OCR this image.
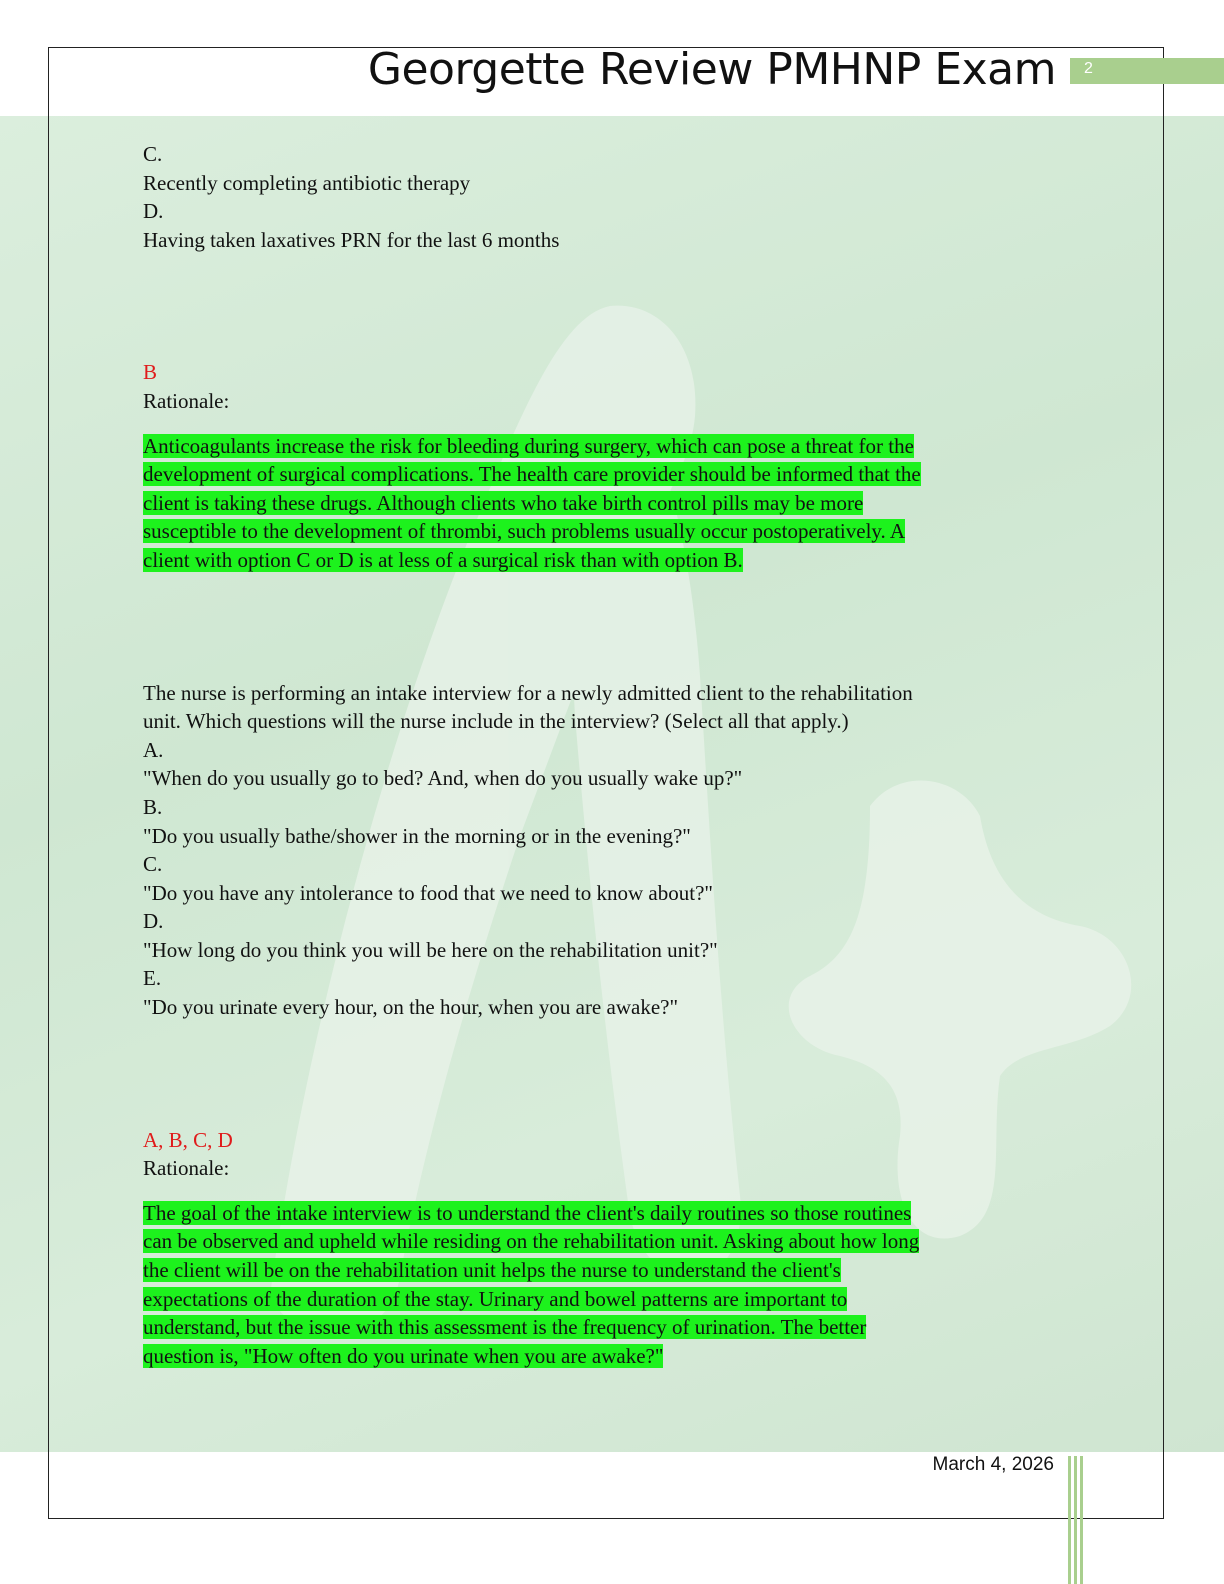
Georgette Review PMHNP Exam 2
C.
Recently completing antibiotic therapy
D.
Having taken laxatives PRN for the last 6 months
B
Rationale:
Anticoagulants increase the risk for bleeding during surgery, which can pose a threat for the
development of surgical complications. The health care provider should be informed that the
client is taking these drugs. Although clients who take birth control pills may be more
susceptible to the development of thrombi, such problems usually occur postoperatively. A
client with option C or D is at less of a surgical risk than with option B.
The nurse is performing an intake interview for a newly admitted client to the rehabilitation
unit. Which questions will the nurse include in the interview? (Select all that apply.)
A.
"When do you usually go to bed? And, when do you usually wake up?"
B.
"Do you usually bathe/shower in the morning or in the evening?"
C.
"Do you have any intolerance to food that we need to know about?"
D.
"How long do you think you will be here on the rehabilitation unit?"
E.
"Do you urinate every hour, on the hour, when you are awake?"
A, B, C, D
Rationale:
The goal of the intake interview is to understand the client's daily routines so those routines
can be observed and upheld while residing on the rehabilitation unit. Asking about how long
the client will be on the rehabilitation unit helps the nurse to understand the client's
expectations of the duration of the stay. Urinary and bowel patterns are important to
understand, but the issue with this assessment is the frequency of urination. The better
question is, "How often do you urinate when you are awake?"
March 4, 2026
